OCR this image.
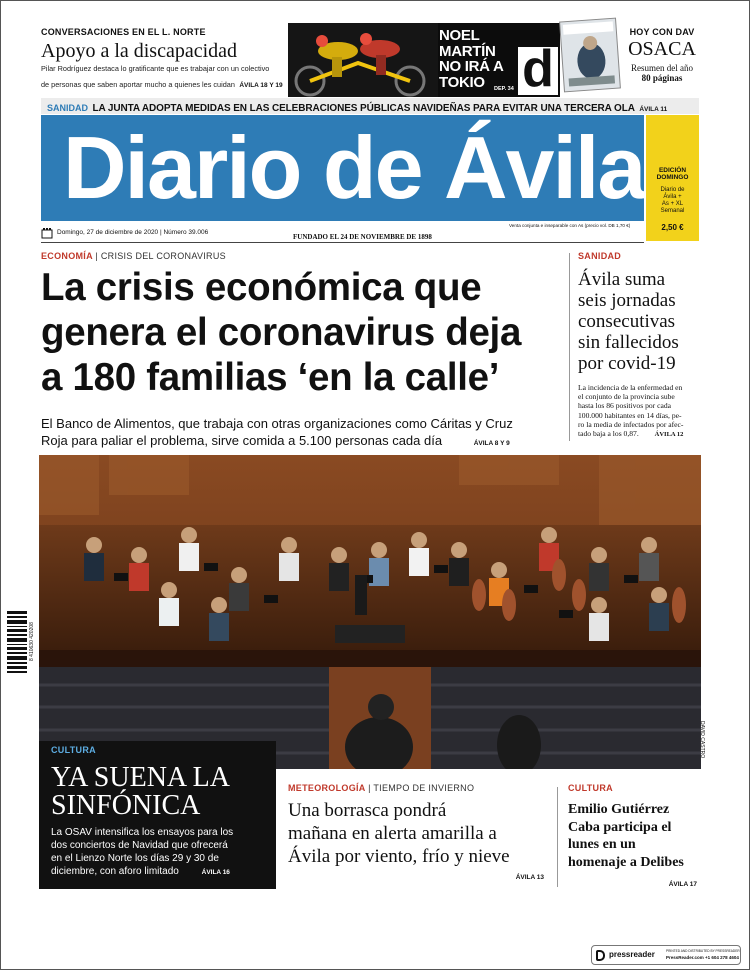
CONVERSACIONES EN EL L. NORTE
Apoyo a la discapacidad
Pilar Rodríguez destaca lo gratificante que es trabajar con un colectivo
de personas que saben aportar mucho a quienes les cuidan ÁVILA 18 Y 19
NOEL
MARTÍN
NO IRÁ A
TOKIO	DEP. 34 d
HOY CON DAV
OSACA
Resumen del año
80 páginas
SANIDAD LA JUNTA ADOPTA MEDIDAS EN LAS CELEBRACIONES PÚBLICAS NAVIDEÑAS PARA EVITAR UNA TERCERA OLA ÁVILA 11
Diario de Ávila	EDICIÓN
DOMINGO
Diario de
Ávila +
As + XL
Semanal
2,50 €
Domingo, 27 de diciembre de 2020 | Número 39.006
FUNDADO EL 24 DE NOVIEMBRE DE 1898
Venta conjunta e inseparable con As (precio vol. DB 1,70 €)
ECONOMÍA | CRISIS DEL CORONAVIRUS
La crisis económica que
genera el coronavirus deja
a 180 familias ‘en la calle’
El Banco de Alimentos, que trabaja con otras organizaciones como Cáritas y Cruz
Roja para paliar el problema, sirve comida a 5.100 personas cada día	ÁVILA 8 Y 9
SANIDAD
Ávila suma
seis jornadas
consecutivas
sin fallecidos
por covid-19
La incidencia de la enfermedad en
el conjunto de la provincia sube
hasta los 86 positivos por cada
100.000 habitantes en 14 días, pe-
ro la media de infectados por afec-
tado baja a los 0,87. ÁVILA 12
DAVID CASTRO
CULTURA
YA SUENA LA
SINFÓNICA
La OSAV intensifica los ensayos para los
dos conciertos de Navidad que ofrecerá
en el Lienzo Norte los días 29 y 30 de
diciembre, con aforo limitado	ÁVILA 16
METEOROLOGÍA | TIEMPO DE INVIERNO
Una borrasca pondrá
mañana en alerta amarilla a
Ávila por viento, frío y nieve
ÁVILA 13
CULTURA
Emilio Gutiérrez
Caba participa el
lunes en un
homenaje a Delibes
ÁVILA 17
8 410630 420208
pressreader	PRINTED AND DISTRIBUTED BY PRESSREADER
PressReader.com +1 604 278 4604
